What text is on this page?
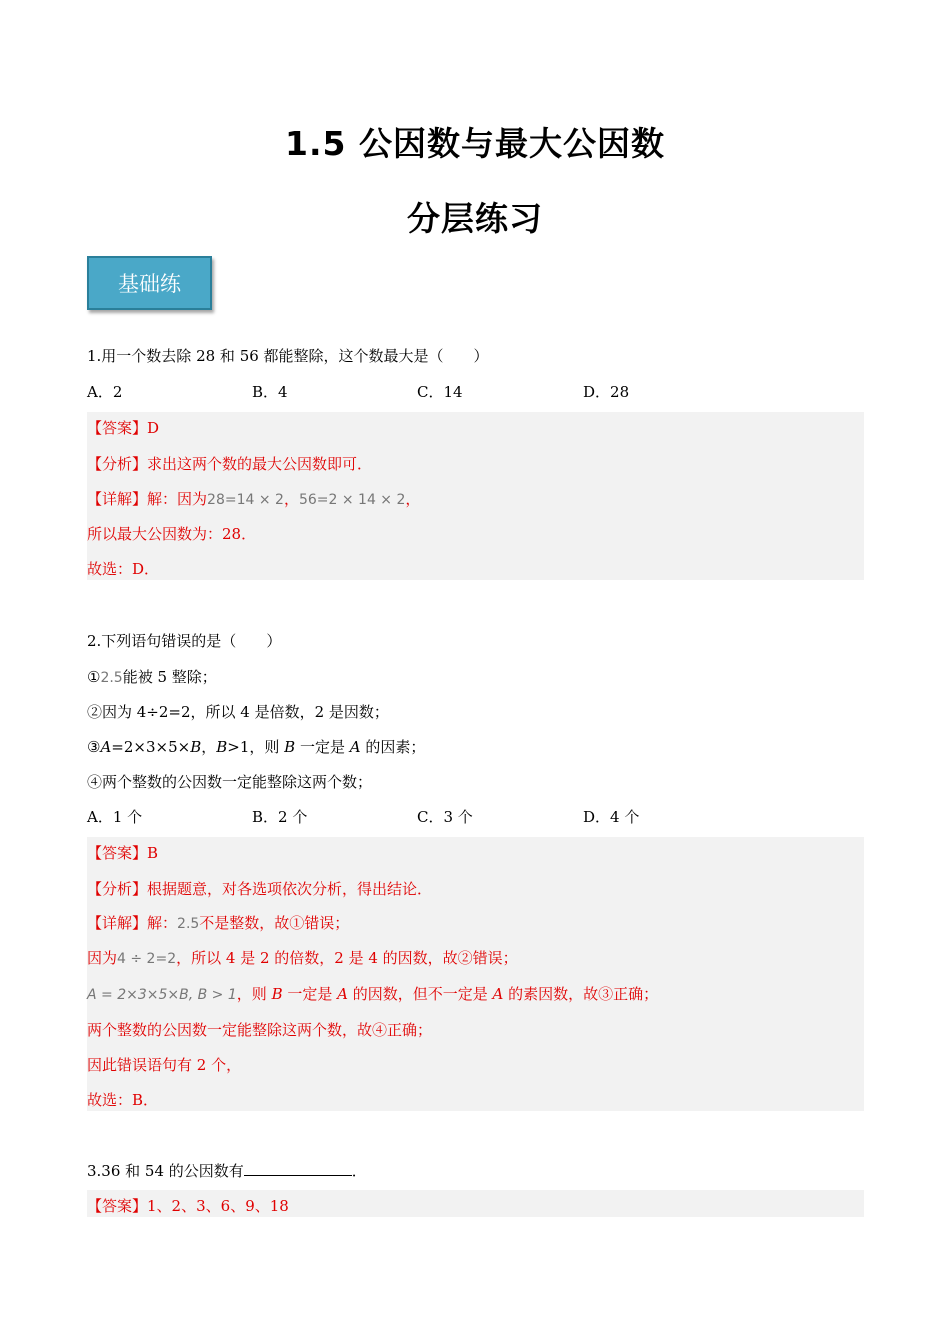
1.5 公因数与最大公因数
分层练习
基础练
1.用一个数去除 28 和 56 都能整除，这个数最大是（　　）
A．2	B．4	C．14	D．28
【答案】D
【分析】求出这两个数的最大公因数即可．
【详解】解：因为28=14 × 2，56=2 × 14 × 2，
所以最大公因数为：28．
故选：D．
2.下列语句错误的是（　　）
①2.5能被 5 整除；
②因为 4÷2=2，所以 4 是倍数，2 是因数；
③A=2×3×5×B，B>1，则 B 一定是 A 的因素；
④两个整数的公因数一定能整除这两个数；
A．1 个	B．2 个	C．3 个	D．4 个
【答案】B
【分析】根据题意，对各选项依次分析，得出结论．
【详解】解：2.5不是整数，故①错误；
因为4 ÷ 2=2，所以 4 是 2 的倍数，2 是 4 的因数，故②错误；
A = 2×3×5×B, B > 1，则 B 一定是 A 的因数，但不一定是 A 的素因数，故③正确；
两个整数的公因数一定能整除这两个数，故④正确；
因此错误语句有 2 个，
故选：B．
3.36 和 54 的公因数有	．
【答案】1、2、3、6、9、18
